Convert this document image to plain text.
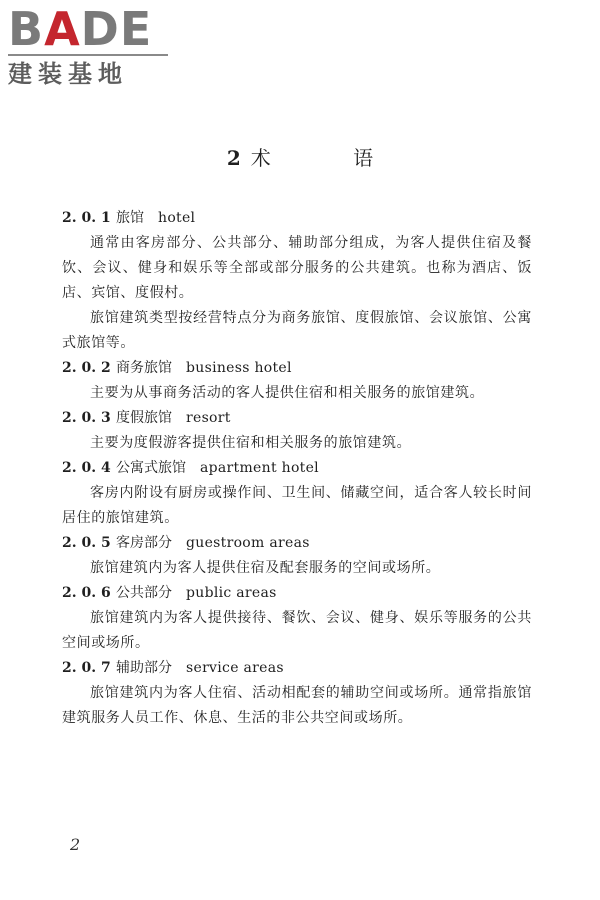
BADE
建装基地
2 术 语
2. 0. 1 旅馆 hotel

通常由客房部分、公共部分、辅助部分组成，为客人提供住宿及餐饮、会议、健身和娱乐等全部或部分服务的公共建筑。也称为酒店、饭店、宾馆、度假村。

旅馆建筑类型按经营特点分为商务旅馆、度假旅馆、会议旅馆、公寓式旅馆等。

2. 0. 2 商务旅馆 business hotel

主要为从事商务活动的客人提供住宿和相关服务的旅馆建筑。

2. 0. 3 度假旅馆 resort

主要为度假游客提供住宿和相关服务的旅馆建筑。

2. 0. 4 公寓式旅馆 apartment hotel

客房内附设有厨房或操作间、卫生间、储藏空间，适合客人较长时间居住的旅馆建筑。

2. 0. 5 客房部分 guestroom areas

旅馆建筑内为客人提供住宿及配套服务的空间或场所。

2. 0. 6 公共部分 public areas

旅馆建筑内为客人提供接待、餐饮、会议、健身、娱乐等服务的公共空间或场所。

2. 0. 7 辅助部分 service areas

旅馆建筑内为客人住宿、活动相配套的辅助空间或场所。通常指旅馆建筑服务人员工作、休息、生活的非公共空间或场所。

2
